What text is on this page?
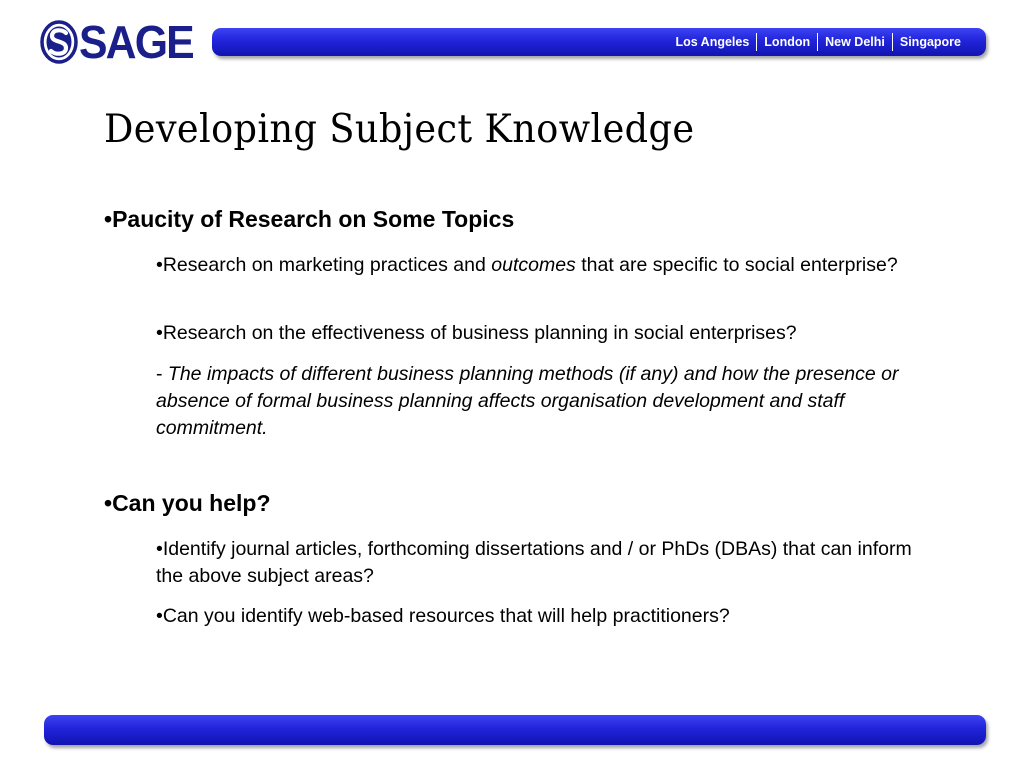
SAGE	Los Angeles	London	New Delhi	Singapore
Developing Subject Knowledge

•Paucity of Research on Some Topics

•Research on marketing practices and outcomes that are specific to social enterprise?

•Research on the effectiveness of business planning in social enterprises?

- The impacts of different business planning methods (if any) and how the presence or absence of formal business planning affects organisation development and staff commitment.

•Can you help?

•Identify journal articles, forthcoming dissertations and / or PhDs (DBAs) that can inform the above subject areas?

•Can you identify web-based resources that will help practitioners?
